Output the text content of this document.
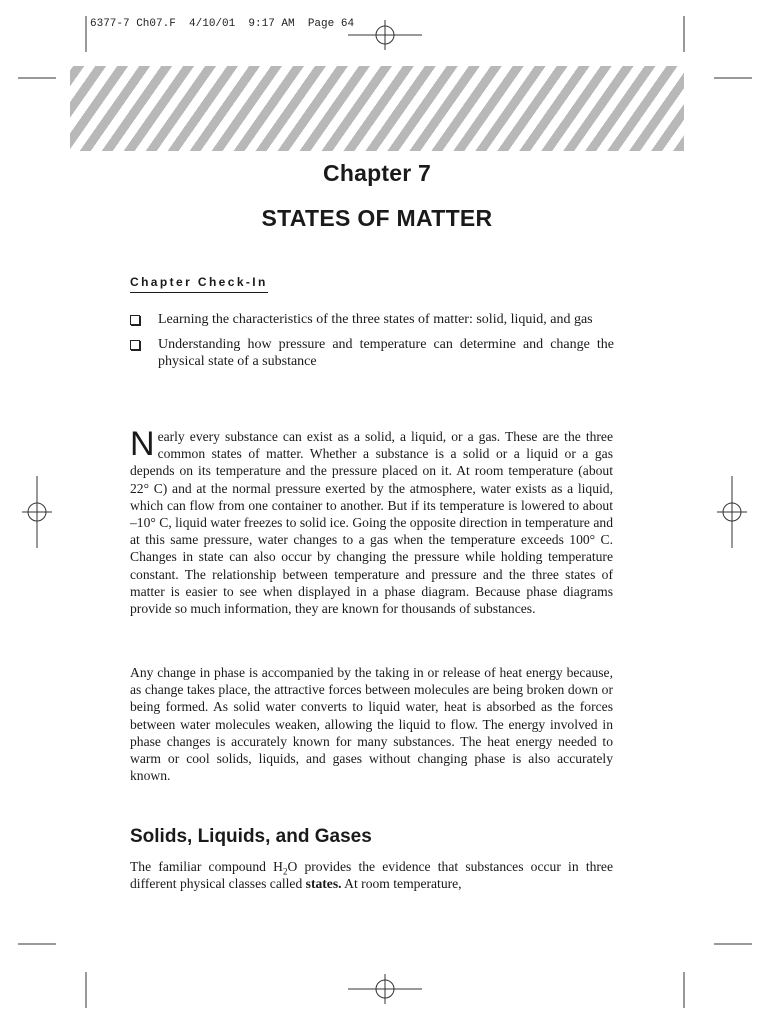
6377-7 Ch07.F  4/10/01  9:17 AM  Page 64
Chapter 7
STATES OF MATTER
Chapter Check-In
Learning the characteristics of the three states of matter: solid, liquid, and gas
Understanding how pressure and temperature can determine and change the physical state of a substance

Nearly every substance can exist as a solid, a liquid, or a gas. These are the three common states of matter. Whether a substance is a solid or a liquid or a gas depends on its temperature and the pressure placed on it. At room temperature (about 22° C) and at the normal pressure exerted by the atmosphere, water exists as a liquid, which can flow from one container to another. But if its temperature is lowered to about –10° C, liquid water freezes to solid ice. Going the opposite direction in temperature and at this same pressure, water changes to a gas when the temperature exceeds 100° C. Changes in state can also occur by changing the pressure while holding temperature constant. The relationship between temperature and pressure and the three states of matter is easier to see when displayed in a phase diagram. Because phase diagrams provide so much information, they are known for thousands of substances.

Any change in phase is accompanied by the taking in or release of heat energy because, as change takes place, the attractive forces between molecules are being broken down or being formed. As solid water converts to liquid water, heat is absorbed as the forces between water molecules weaken, allowing the liquid to flow. The energy involved in phase changes is accurately known for many substances. The heat energy needed to warm or cool solids, liquids, and gases without changing phase is also accurately known.

Solids, Liquids, and Gases

The familiar compound $H_2O$ provides the evidence that substances occur in three different physical classes called states. At room temperature,
